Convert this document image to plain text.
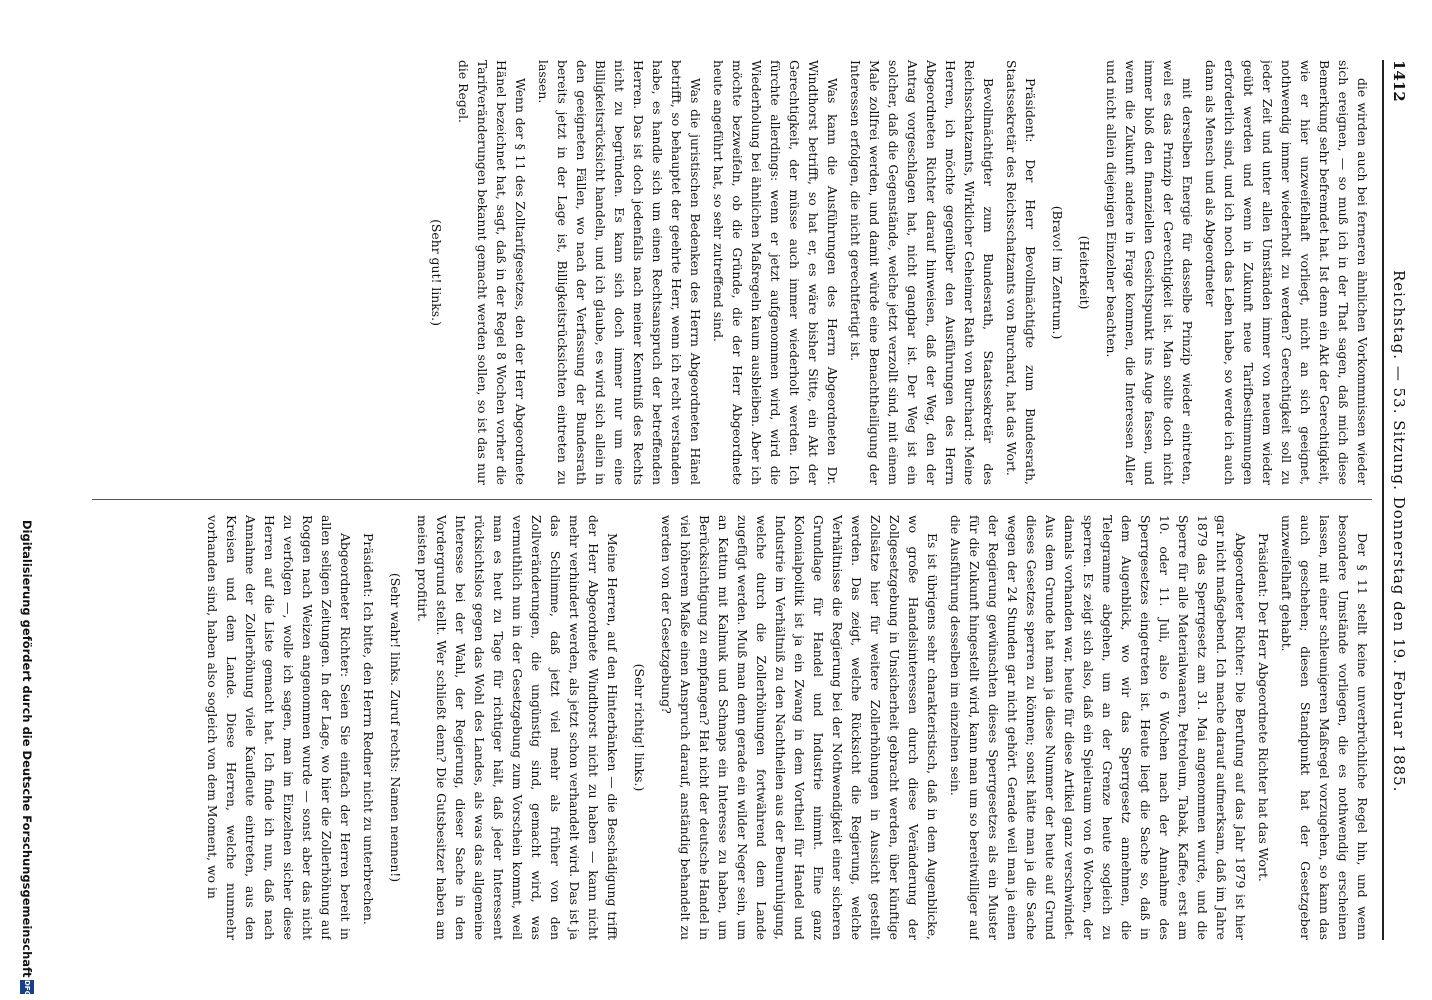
1412
Reichstag. — 53. Sitzung. Donnerstag den 19. Februar 1885.

die wirden auch bei ferneren ähnlichen Vorkommnissen wieder sich ereignen, — so muß ich in der That sagen, daß mich diese Bemerkung sehr befremdet hat. Ist denn ein Akt der Gerechtigkeit, wie er hier unzweifelhaft vorliegt, nicht an sich geeignet, nothwendig immer wiederholt zu werden? Gerechtigkeit soll zu jeder Zeit und unter allen Umständen immer von neuem wieder geübt werden und wenn in Zukunft neue Tarifbestimmungen erforderlich sind, und ich noch das Leben habe, so werde ich auch dann als Mensch und als Abgeordneter

mit derselben Energie für dasselbe Prinzip wieder eintreten, weil es das Prinzip der Gerechtigkeit ist. Man sollte doch nicht immer bloß den finanziellen Gesichtspunkt ins Auge fassen, und wenn die Zukunft andere in Frage kommen, die Interessen Aller und nicht allein diejenigen Einzelner beachten.

(Heiterkeit)

(Bravo! im Zentrum.)

Präsident: Der Herr Bevollmächtigte zum Bundesrath, Staatssekretär des Reichsschatzamts von Burchard, hat das Wort.

Bevollmächtigter zum Bundesrath, Staatssekretär des Reichsschatzamts, Wirklicher Geheimer Rath von Burchard: Meine Herren, ich möchte gegenüber den Ausführungen des Herrn Abgeordneten Richter darauf hinweisen, daß der Weg, den der Antrag vorgeschlagen hat, nicht gangbar ist. Der Weg ist ein solcher, daß die Gegenstände, welche jetzt verzollt sind, mit einem Male zollfrei werden, und damit würde eine Benachtheiligung der Interessen erfolgen, die nicht gerechtfertigt ist.

Was kann die Ausführungen des Herrn Abgeordneten Dr. Windthorst betrifft, so hat er, es wäre bisher Sitte, ein Akt der Gerechtigkeit, der müsse auch immer wiederholt werden. Ich fürchte allerdings: wenn er jetzt aufgenommen wird, wird die Wiederholung bei ähnlichen Maßregeln kaum ausbleiben. Aber ich möchte bezweifeln, ob die Gründe, die der Herr Abgeordnete heute angeführt hat, so sehr zutreffend sind.

Was die juristischen Bedenken des Herrn Abgeordneten Hänel betrifft, so behauptet der geehrte Herr, wenn ich recht verstanden habe, es handle sich um einen Rechtsanspruch der betreffenden Herren. Das ist doch jedenfalls nach meiner Kenntniß des Rechts nicht zu begründen. Es kann sich doch immer nur um eine Billigkeitsrücksicht handeln, und ich glaube, es wird sich allein in den geeigneten Fällen, wo nach der Verfassung der Bundesrath bereits jetzt in der Lage ist, Billigkeitsrücksichten eintreten zu lassen.

Wenn der § 11 des Zolltarifgesetzes, den der Herr Abgeordnete Hänel bezeichnet hat, sagt, daß in der Regel 8 Wochen vorher die Tarifveränderungen bekannt gemacht werden sollen, so ist das nur die Regel.

(Sehr gut! links.)

Der § 11 stellt keine unverbrüchliche Regel hin, und wenn besondere Umstände vorliegen, die es nothwendig erscheinen lassen, mit einer schleunigeren Maßregel vorzugehen, so kann das auch geschehen; diesen Standpunkt hat der Gesetzgeber unzweifelhaft gehabt.

Präsident: Der Herr Abgeordnete Richter hat das Wort.

Abgeordneter Richter: Die Berufung auf das Jahr 1879 ist hier gar nicht maßgebend. Ich mache darauf aufmerksam, daß im Jahre 1879 das Sperrgesetz am 31. Mai angenommen wurde, und die Sperre für alle Materialwaaren, Petroleum, Tabak, Kaffee, erst am 10. oder 11. Juli, also 6 Wochen nach der Annahme des Sperrgesetzes eingetreten ist. Heute liegt die Sache so, daß in dem Augenblick, wo wir das Sperrgesetz annehmen, die Telegramme abgehen, um an der Grenze heute sogleich zu sperren. Es zeigt sich also, daß ein Spielraum von 6 Wochen, der damals vorhanden war, heute für diese Artikel ganz verschwindet. Aus dem Grunde hat man ja diese Nummer der heute auf Grund dieses Gesetzes sperren zu können; sonst hätte man ja die Sache wegen der 24 Stunden gar nicht gehört. Gerade weil man ja einen der Regierung gewünschten dieses Sperrgesetzes als ein Muster für die Zukunft hingestellt wird, kann man um so bereitwilliger auf die Ausführung desselben im einzelnen sein.

Es ist übrigens sehr charakteristisch, daß in dem Augenblicke, wo große Handelsinteressen durch diese Veränderung der Zollgesetzgebung in Unsicherheit gebracht werden, über künftige Zollsätze hier für weitere Zollerhöhungen in Aussicht gestellt werden. Das zeigt, welche Rücksicht die Regierung, welche Verhältnisse die Regierung bei der Nothwendigkeit einer sicheren Grundlage für Handel und Industrie nimmt. Eine ganz Kolonialpolitik ist ja ein Zwang in dem Vortheil für Handel und Industrie im Verhältniß zu den Nachtheilen aus der Beunruhigung, welche durch die Zollerhöhungen fortwährend dem Lande zugefügt werden. Muß man denn gerade ein wilder Neger sein, um an Kattun mit Kalmuk und Schnaps ein Interesse zu haben, um Berücksichtigung zu empfangen? Hat nicht der deutsche Handel in viel höherem Maße einen Anspruch darauf, anständig behandelt zu werden von der Gesetzgebung?

(Sehr richtig! links.)

Meine Herren, auf den Hinterbänken — die Beschädigung trifft der Herr Abgeordnete Windthorst nicht zu haben — kann nicht mehr verhindert werden, als jetzt schon verhandelt wird. Das ist ja das Schlimme, daß jetzt viel mehr als früher von den Zollveränderungen, die ungünstig sind, gemacht wird, was vermuthlich nun in der Gesetzgebung zum Vorschein kommt, weil man es heut zu Tage für richtiger hält, daß jeder Interessent rücksichtslos gegen das Wohl des Landes, als was das allgemeine Interesse bei der Wahl, der Regierung, dieser Sache in den Vordergrund stellt. Wer schließt denn? Die Gutsbesitzer haben am meisten profitirt.

(Sehr wahr! links. Zuruf rechts: Namen nennen!)

Präsident: Ich bitte, den Herrn Redner nicht zu unterbrechen.

Abgeordneter Richter: Seien Sie einfach der Herren bereit in allen seligen Zeitungen. In der Lage, wo hier die Zollerhöhung auf Roggen nach Weizen angenommen wurde — sonst aber das nicht zu verfolgen —, wolle ich sagen, man im Einzelnen sicher diese Herren auf die Liste gemacht hat. Ich finde ich nun, daß nach Annahme der Zollerhöhung viele Kaufleute eintreten, aus den Kreisen und dem Lande. Diese Herren, welche nunmehr vorhanden sind, haben also sogleich von dem Moment, wo in

Digitalisierung gefördert durch die Deutsche Forschungsgemeinschaft
DFG
